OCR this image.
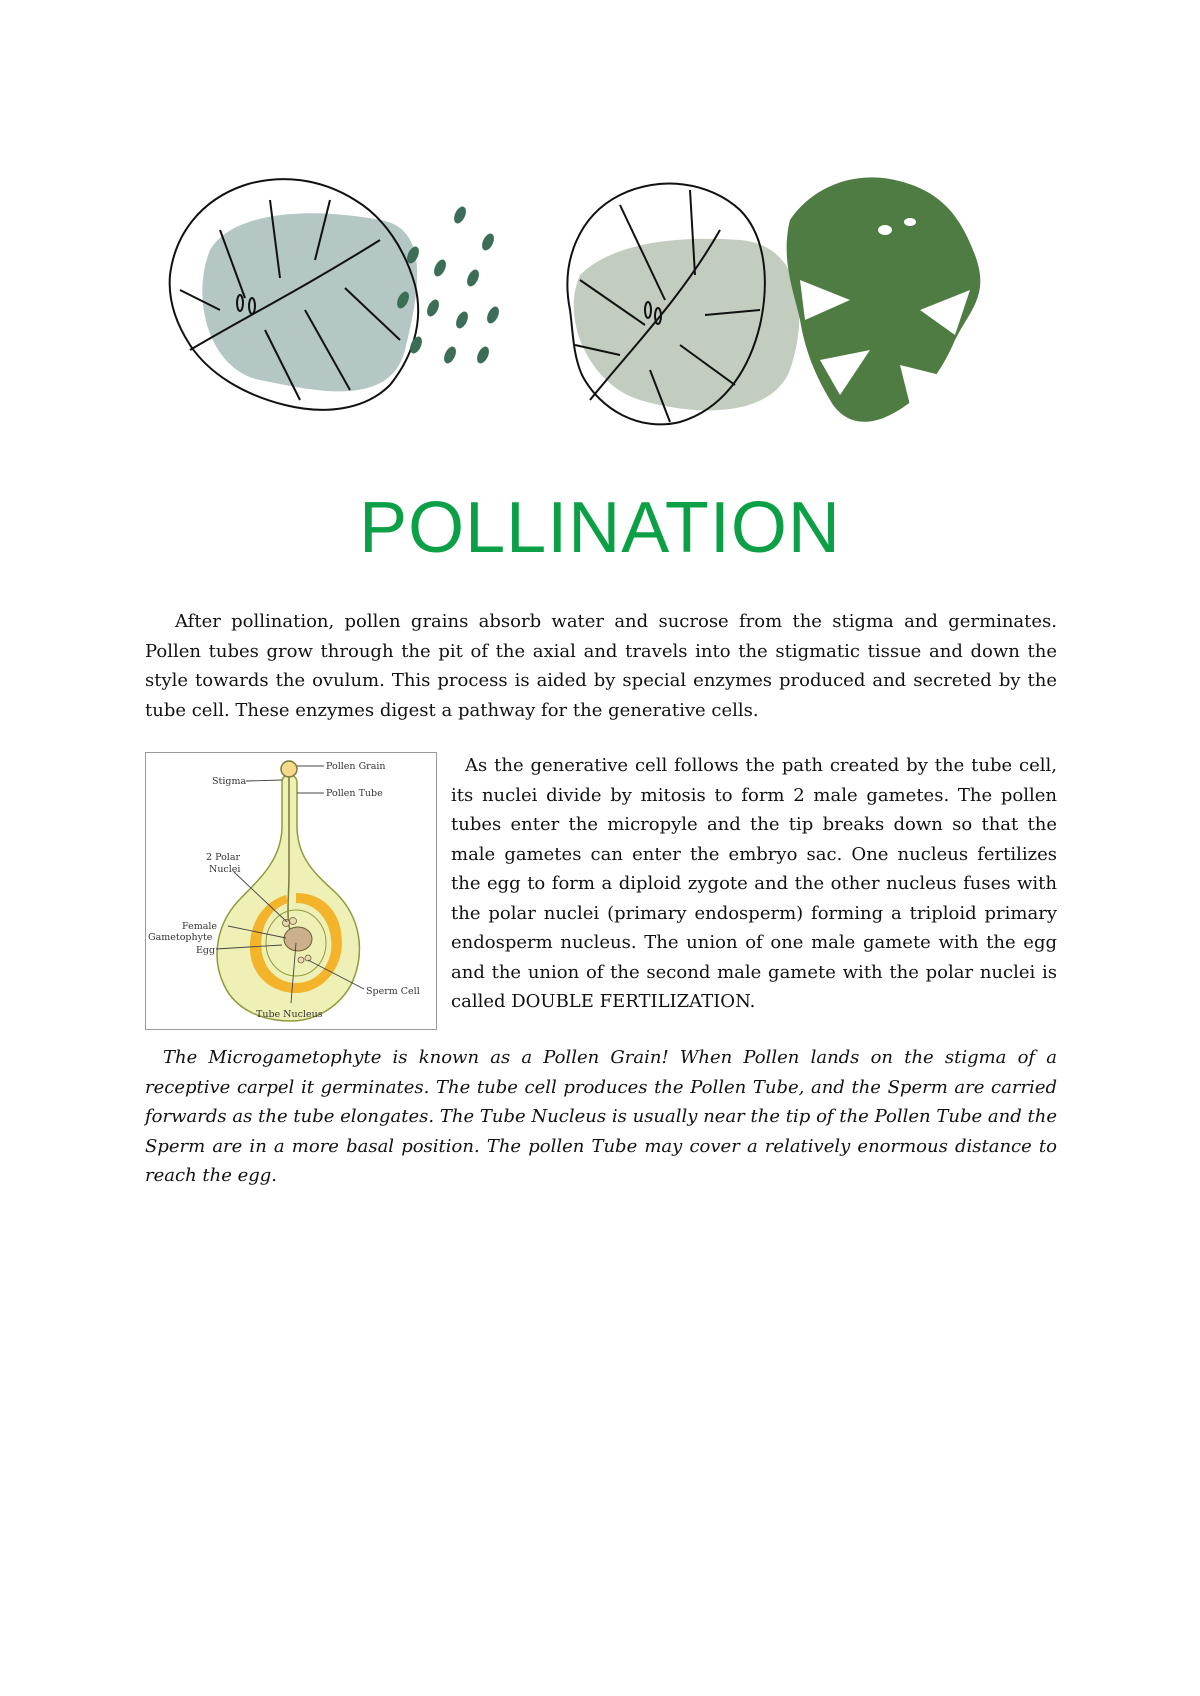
POLLINATION

After pollination, pollen grains absorb water and sucrose from the stigma and germinates. Pollen tubes grow through the pit of the axial and travels into the stigmatic tissue and down the style towards the ovulum. This process is aided by special enzymes produced and secreted by the tube cell. These enzymes digest a pathway for the generative cells.

Pollen Grain
Stigma
Pollen Tube
2 Polar
Nuclei
Female
Gametophyte
Egg
Sperm Cell
Tube Nucleus

As the generative cell follows the path created by the tube cell, its nuclei divide by mitosis to form 2 male gametes. The pollen tubes enter the micropyle and the tip breaks down so that the male gametes can enter the embryo sac. One nucleus fertilizes the egg to form a diploid zygote and the other nucleus fuses with the polar nuclei (primary endosperm) forming a triploid primary endosperm nucleus. The union of one male gamete with the egg and the union of the second male gamete with the polar nuclei is called DOUBLE FERTILIZATION.

The Microgametophyte is known as a Pollen Grain! When Pollen lands on the stigma of a receptive carpel it germinates. The tube cell produces the Pollen Tube, and the Sperm are carried forwards as the tube elongates. The Tube Nucleus is usually near the tip of the Pollen Tube and the Sperm are in a more basal position. The pollen Tube may cover a relatively enormous distance to reach the egg.
